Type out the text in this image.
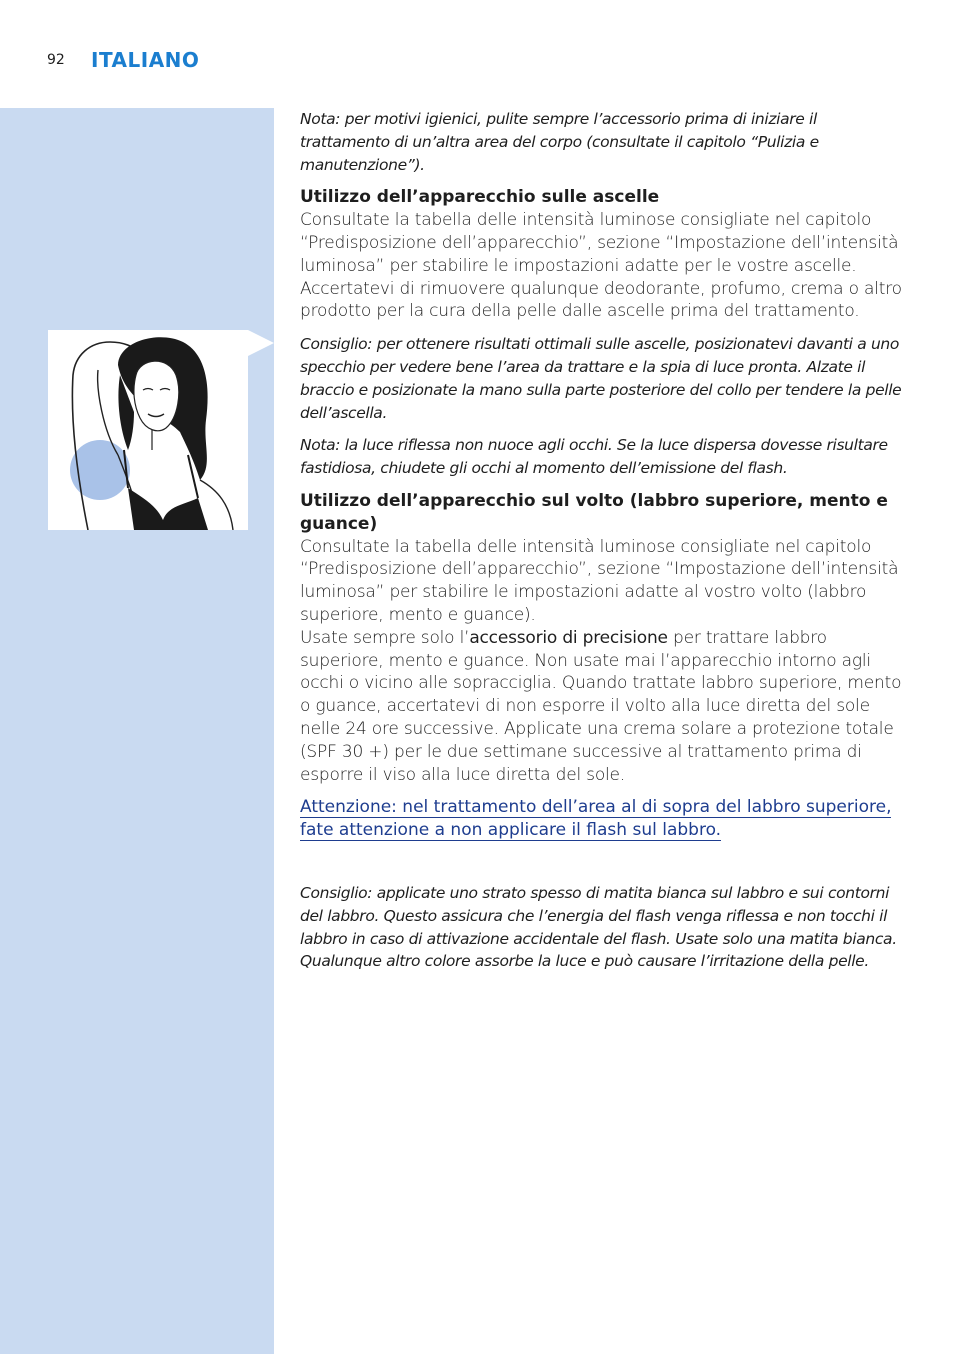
92 ITALIANO

Nota: per motivi igienici, pulite sempre l’accessorio prima di iniziare il trattamento di un’altra area del corpo (consultate il capitolo “Pulizia e manutenzione”).

Utilizzo dell’apparecchio sulle ascelle

Consultate la tabella delle intensità luminose consigliate nel capitolo “Predisposizione dell’apparecchio”, sezione “Impostazione dell’intensità luminosa” per stabilire le impostazioni adatte per le vostre ascelle. Accertatevi di rimuovere qualunque deodorante, profumo, crema o altro prodotto per la cura della pelle dalle ascelle prima del trattamento.

Consiglio: per ottenere risultati ottimali sulle ascelle, posizionatevi davanti a uno specchio per vedere bene l’area da trattare e la spia di luce pronta. Alzate il braccio e posizionate la mano sulla parte posteriore del collo per tendere la pelle dell’ascella.

Nota: la luce riflessa non nuoce agli occhi. Se la luce dispersa dovesse risultare fastidiosa, chiudete gli occhi al momento dell’emissione del flash.

Utilizzo dell’apparecchio sul volto (labbro superiore, mento e guance)

Consultate la tabella delle intensità luminose consigliate nel capitolo “Predisposizione dell’apparecchio”, sezione “Impostazione dell’intensità luminosa” per stabilire le impostazioni adatte al vostro volto (labbro superiore, mento e guance).

Usate sempre solo l’accessorio di precisione per trattare labbro superiore, mento e guance. Non usate mai l’apparecchio intorno agli occhi o vicino alle sopracciglia. Quando trattate labbro superiore, mento o guance, accertatevi di non esporre il volto alla luce diretta del sole nelle 24 ore successive. Applicate una crema solare a protezione totale (SPF 30 +) per le due settimane successive al trattamento prima di esporre il viso alla luce diretta del sole.

Attenzione: nel trattamento dell’area al di sopra del labbro superiore, fate attenzione a non applicare il flash sul labbro.

Consiglio: applicate uno strato spesso di matita bianca sul labbro e sui contorni del labbro. Questo assicura che l’energia del flash venga riflessa e non tocchi il labbro in caso di attivazione accidentale del flash. Usate solo una matita bianca. Qualunque altro colore assorbe la luce e può causare l’irritazione della pelle.
